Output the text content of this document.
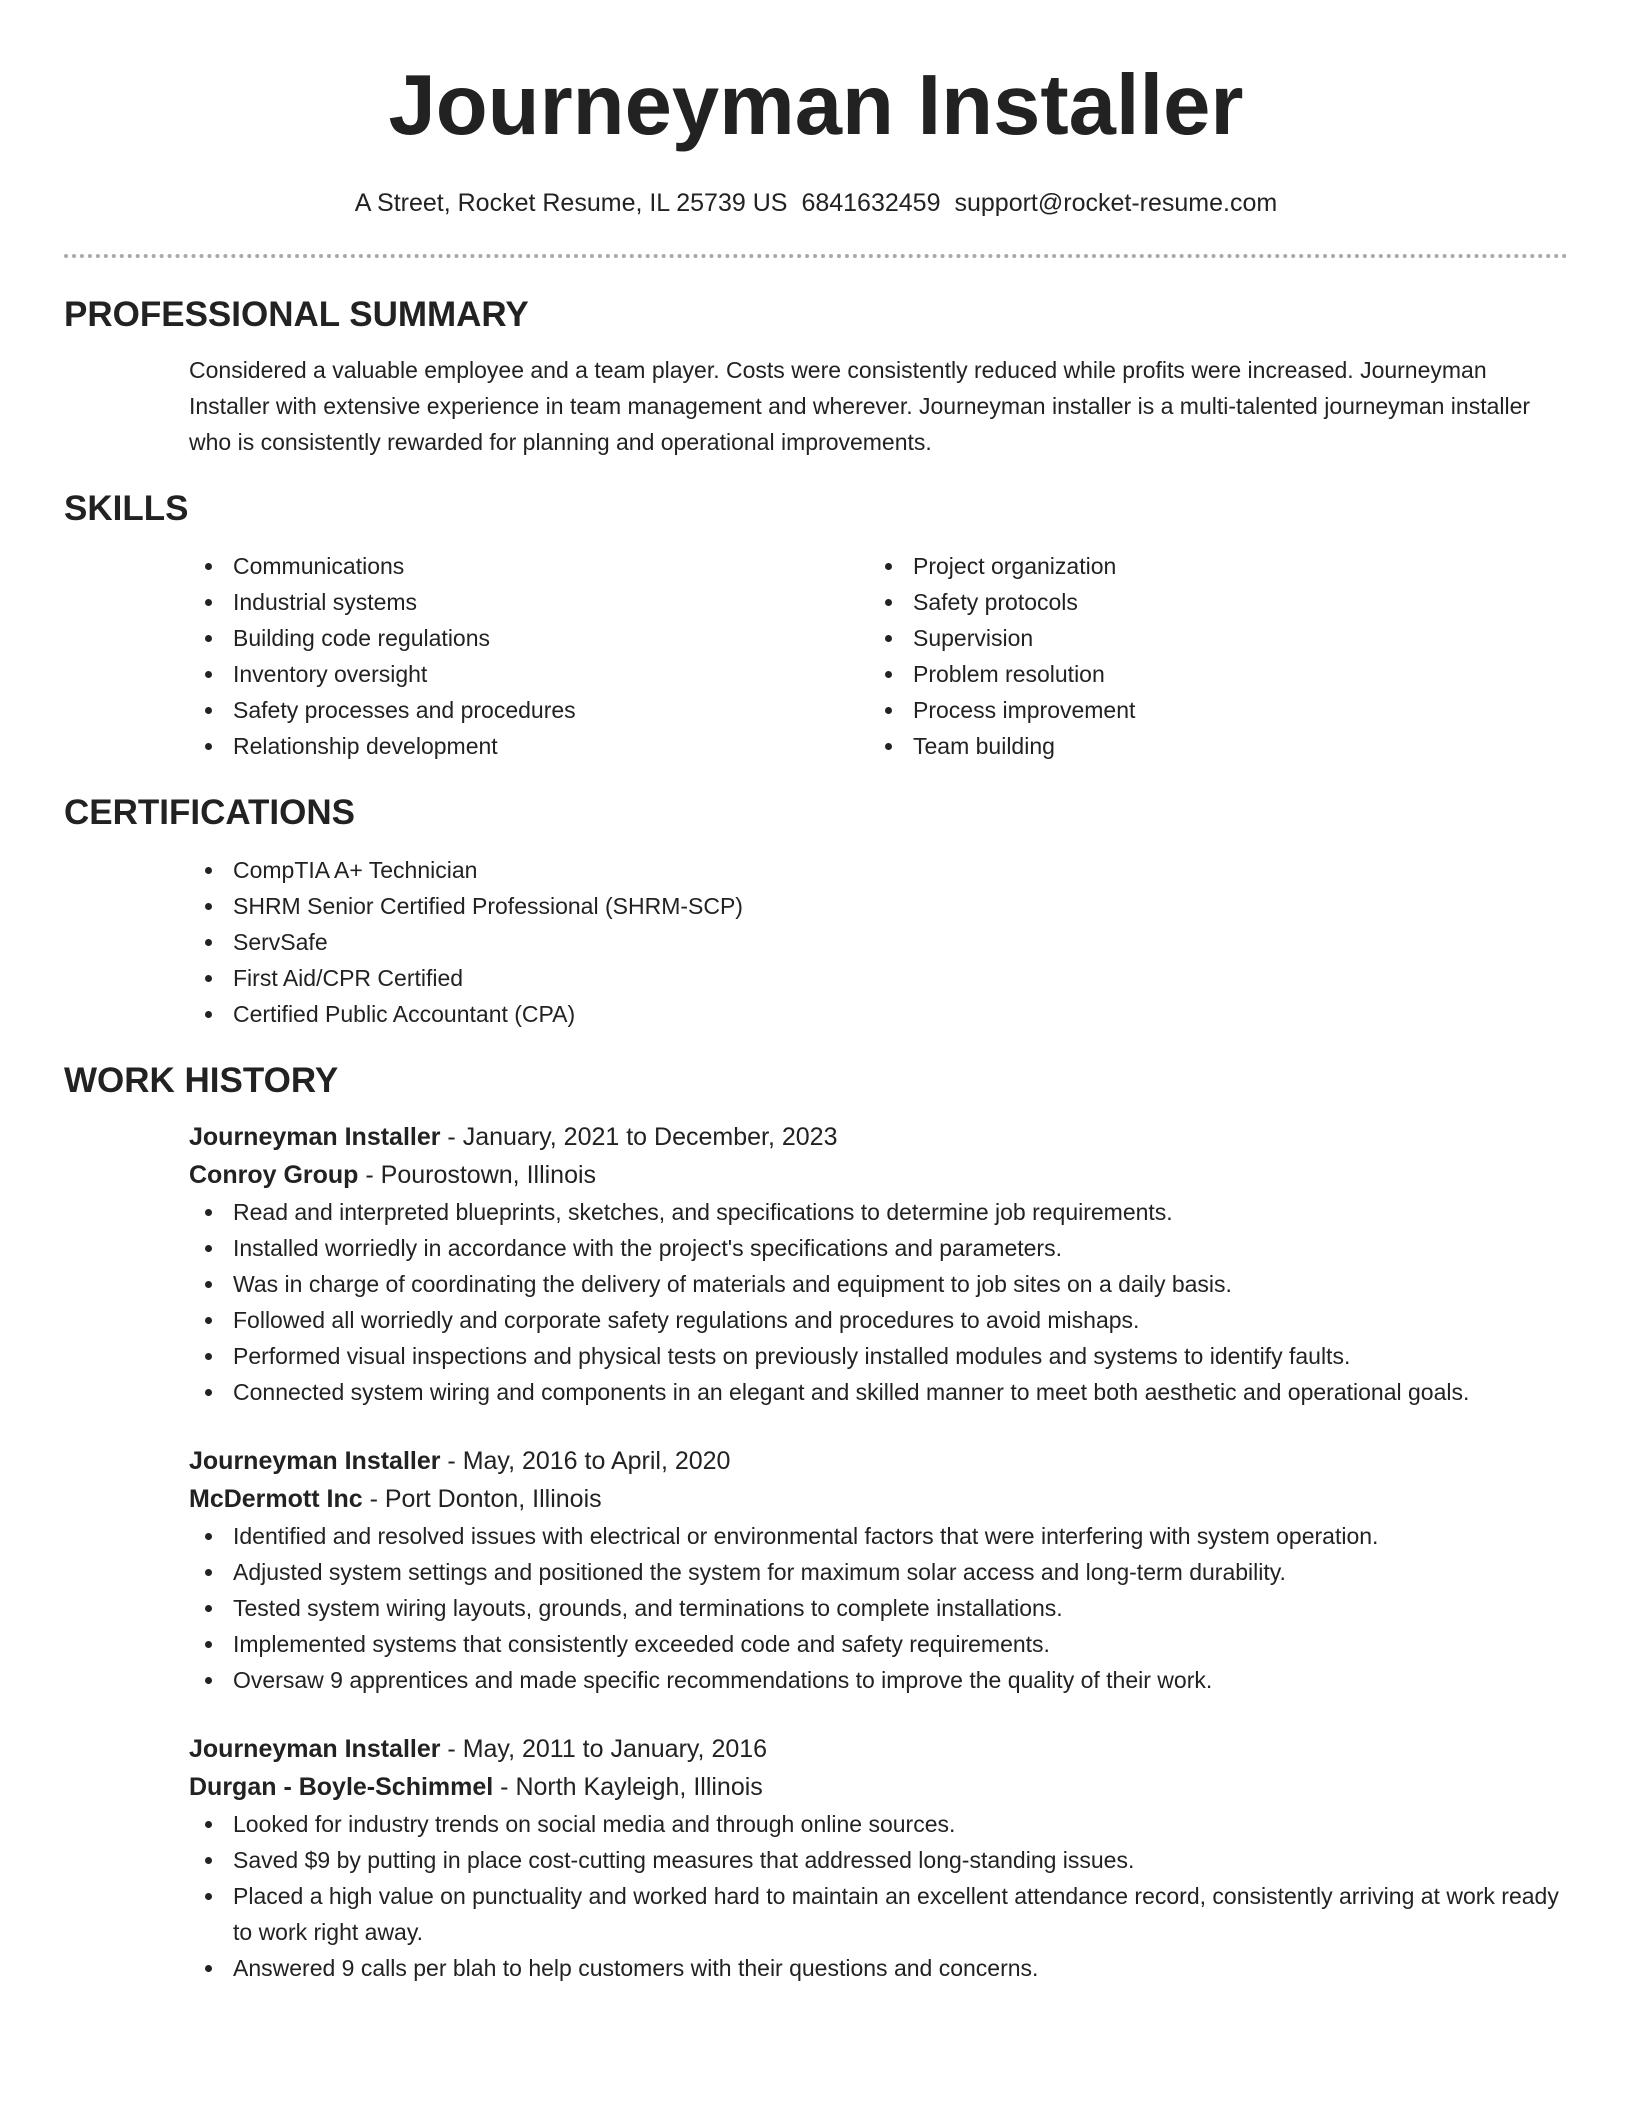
Journeyman Installer
A Street, Rocket Resume, IL 25739 US 6841632459 support@rocket-resume.com
PROFESSIONAL SUMMARY

Considered a valuable employee and a team player. Costs were consistently reduced while profits were increased. Journeyman Installer with extensive experience in team management and wherever. Journeyman installer is a multi-talented journeyman installer who is consistently rewarded for planning and operational improvements.

SKILLS
Communications
Industrial systems
Building code regulations
Inventory oversight
Safety processes and procedures
Relationship development
Project organization
Safety protocols
Supervision
Problem resolution
Process improvement
Team building
CERTIFICATIONS
CompTIA A+ Technician
SHRM Senior Certified Professional (SHRM-SCP)
ServSafe
First Aid/CPR Certified
Certified Public Accountant (CPA)
WORK HISTORY
Journeyman Installer - January, 2021 to December, 2023
Conroy Group - Pourostown, Illinois
Read and interpreted blueprints, sketches, and specifications to determine job requirements.
Installed worriedly in accordance with the project's specifications and parameters.
Was in charge of coordinating the delivery of materials and equipment to job sites on a daily basis.
Followed all worriedly and corporate safety regulations and procedures to avoid mishaps.
Performed visual inspections and physical tests on previously installed modules and systems to identify faults.
Connected system wiring and components in an elegant and skilled manner to meet both aesthetic and operational goals.
Journeyman Installer - May, 2016 to April, 2020
McDermott Inc - Port Donton, Illinois
Identified and resolved issues with electrical or environmental factors that were interfering with system operation.
Adjusted system settings and positioned the system for maximum solar access and long-term durability.
Tested system wiring layouts, grounds, and terminations to complete installations.
Implemented systems that consistently exceeded code and safety requirements.
Oversaw 9 apprentices and made specific recommendations to improve the quality of their work.
Journeyman Installer - May, 2011 to January, 2016
Durgan - Boyle-Schimmel - North Kayleigh, Illinois
Looked for industry trends on social media and through online sources.
Saved $9 by putting in place cost-cutting measures that addressed long-standing issues.
Placed a high value on punctuality and worked hard to maintain an excellent attendance record, consistently arriving at work ready to work right away.
Answered 9 calls per blah to help customers with their questions and concerns.
